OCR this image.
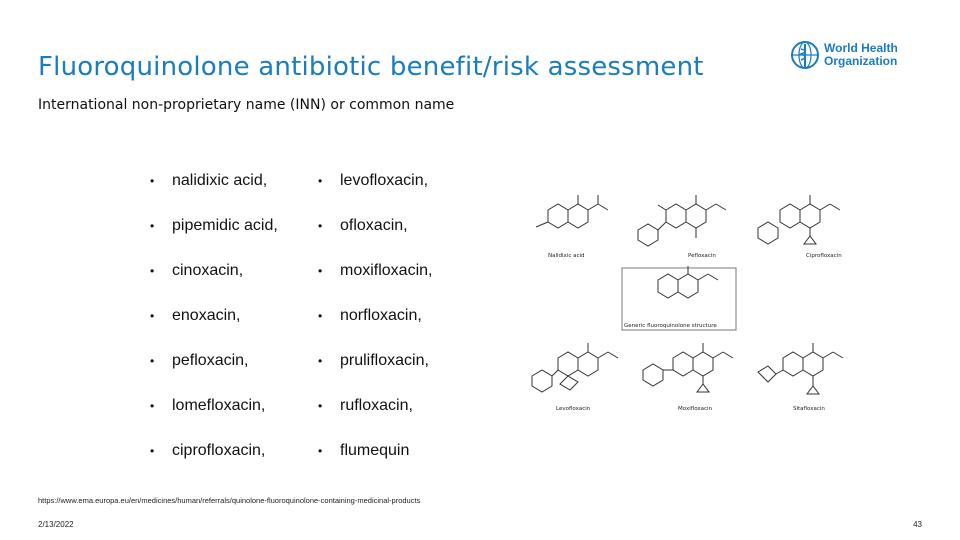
Fluoroquinolone antibiotic benefit/risk assessment
International non-proprietary name (INN) or common name
World Health
Organization
•	nalidixic acid,
•	pipemidic acid,
•	cinoxacin,
•	enoxacin,
•	pefloxacin,
•	lomefloxacin,
•	ciprofloxacin,
•	levofloxacin,
•	ofloxacin,
•	moxifloxacin,
•	norfloxacin,
•	prulifloxacin,
•	rufloxacin,
•	flumequin
Nalidixic acid	Pefloxacin	Ciprofloxacin
Generic fluoroquinolone structure
Levofloxacin	Moxifloxacin	Sitafloxacin
https://www.ema.europa.eu/en/medicines/human/referrals/quinolone-fluoroquinolone-containing-medicinal-products
2/13/2022	43
